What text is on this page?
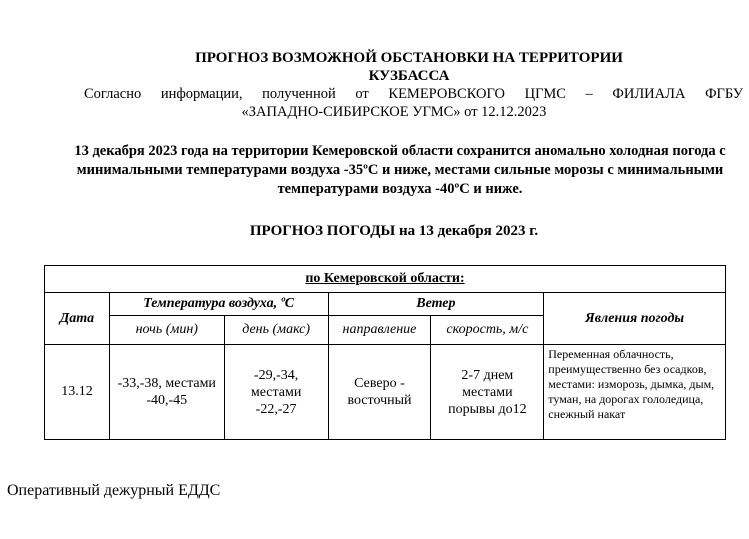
ПРОГНОЗ ВОЗМОЖНОЙ ОБСТАНОВКИ НА ТЕРРИТОРИИ
КУЗБАССА
Согласно информации, полученной от КЕМЕРОВСКОГО ЦГМС – ФИЛИАЛА ФГБУ
«ЗАПАДНО-СИБИРСКОЕ УГМС» от 12.12.2023
13 декабря 2023 года на территории Кемеровской области сохранится аномально холодная погода с минимальными температурами воздуха -35ºС и ниже, местами сильные морозы с минимальными температурами воздуха -40ºС и ниже.
ПРОГНОЗ ПОГОДЫ на 13 декабря 2023 г.
по Кемеровской области:					
Дата	Температура воздуха, ºС		Ветер		Явления погоды
	ночь (мин)	день (макс)	направление	скорость, м/с	
13.12	-33,-38, местами -40,-45	-29,-34, местами -22,-27	Северо - восточный	2-7 днем местами порывы до12	Переменная облачность, преимущественно без осадков, местами: изморозь, дымка, дым, туман, на дорогах гололедица, снежный накат
Оперативный дежурный ЕДДС
